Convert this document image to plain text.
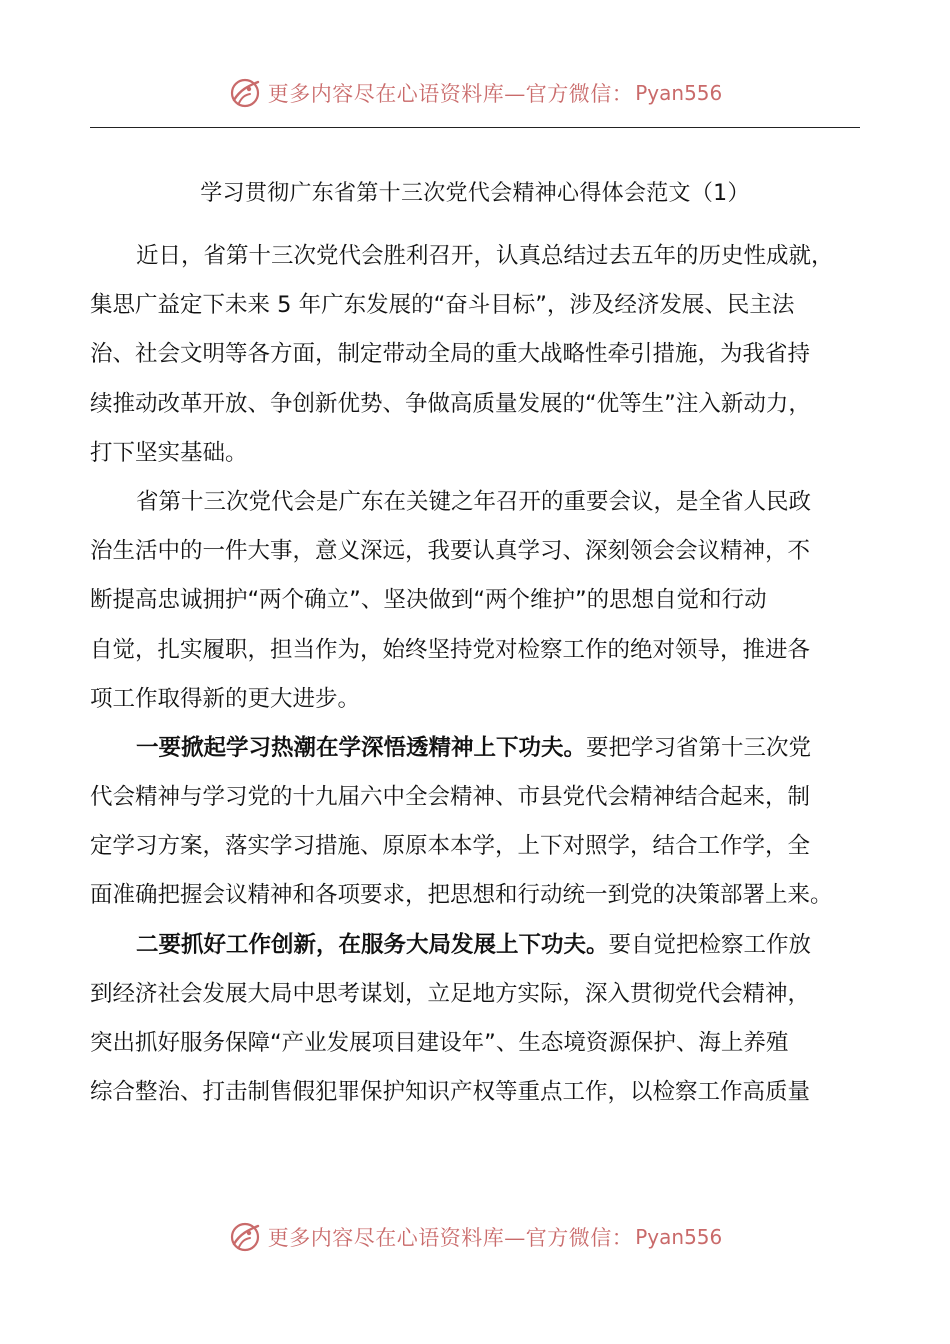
更多内容尽在心语资料库—官方微信： Pyan556
学习贯彻广东省第十三次党代会精神心得体会范文（1）
近日，省第十三次党代会胜利召开，认真总结过去五年的历史性成就，
集思广益定下未来 5 年广东发展的“奋斗目标”，涉及经济发展、民主法
治、社会文明等各方面，制定带动全局的重大战略性牵引措施，为我省持
续推动改革开放、争创新优势、争做高质量发展的“优等生”注入新动力，
打下坚实基础。
省第十三次党代会是广东在关键之年召开的重要会议，是全省人民政
治生活中的一件大事，意义深远，我要认真学习、深刻领会会议精神，不
断提高忠诚拥护“两个确立”、坚决做到“两个维护”的思想自觉和行动
自觉，扎实履职，担当作为，始终坚持党对检察工作的绝对领导，推进各
项工作取得新的更大进步。
一要掀起学习热潮在学深悟透精神上下功夫。要把学习省第十三次党
代会精神与学习党的十九届六中全会精神、市县党代会精神结合起来，制
定学习方案，落实学习措施、原原本本学，上下对照学，结合工作学，全
面准确把握会议精神和各项要求，把思想和行动统一到党的决策部署上来。
二要抓好工作创新，在服务大局发展上下功夫。要自觉把检察工作放
到经济社会发展大局中思考谋划，立足地方实际，深入贯彻党代会精神，
突出抓好服务保障“产业发展项目建设年”、生态境资源保护、海上养殖
综合整治、打击制售假犯罪保护知识产权等重点工作，以检察工作高质量
更多内容尽在心语资料库—官方微信： Pyan556
